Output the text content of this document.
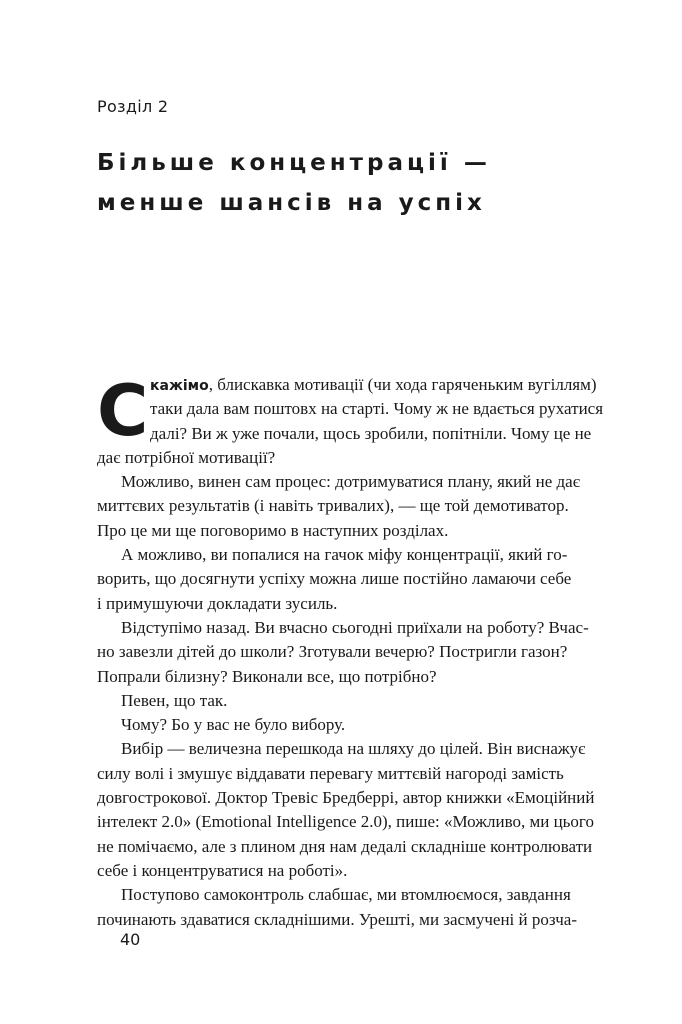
Розділ 2
Більше концентрації —
менше шансів на успіх
С кажімо, блискавка мотивації (чи хода гаряченьким вугіллям)
таки дала вам поштовх на старті. Чому ж не вдається рухатися
далі? Ви ж уже почали, щось зробили, попітніли. Чому це не
дає потрібної мотивації?
Можливо, винен сам процес: дотримуватися плану, який не дає
миттєвих результатів (і навіть тривалих), — ще той демотиватор.
Про це ми ще поговоримо в наступних розділах.
А можливо, ви попалися на гачок міфу концентрації, який го-
ворить, що досягнути успіху можна лише постійно ламаючи себе
і примушуючи докладати зусиль.
Відступімо назад. Ви вчасно сьогодні приїхали на роботу? Вчас-
но завезли дітей до школи? Зготували вечерю? Постригли газон?
Попрали білизну? Виконали все, що потрібно?
Певен, що так.
Чому? Бо у вас не було вибору.
Вибір — величезна перешкода на шляху до цілей. Він виснажує
силу волі і змушує віддавати перевагу миттєвій нагороді замість
довгострокової. Доктор Тревіс Бредберрі, автор книжки «Емоційний
інтелект 2.0» (Emotional Intelligence 2.0), пише: «Можливо, ми цього
не помічаємо, але з плином дня нам дедалі складніше контролювати
себе і концентруватися на роботі».
Поступово самоконтроль слабшає, ми втомлюємося, завдання
починають здаватися складнішими. Урешті, ми засмучені й розча-
40
